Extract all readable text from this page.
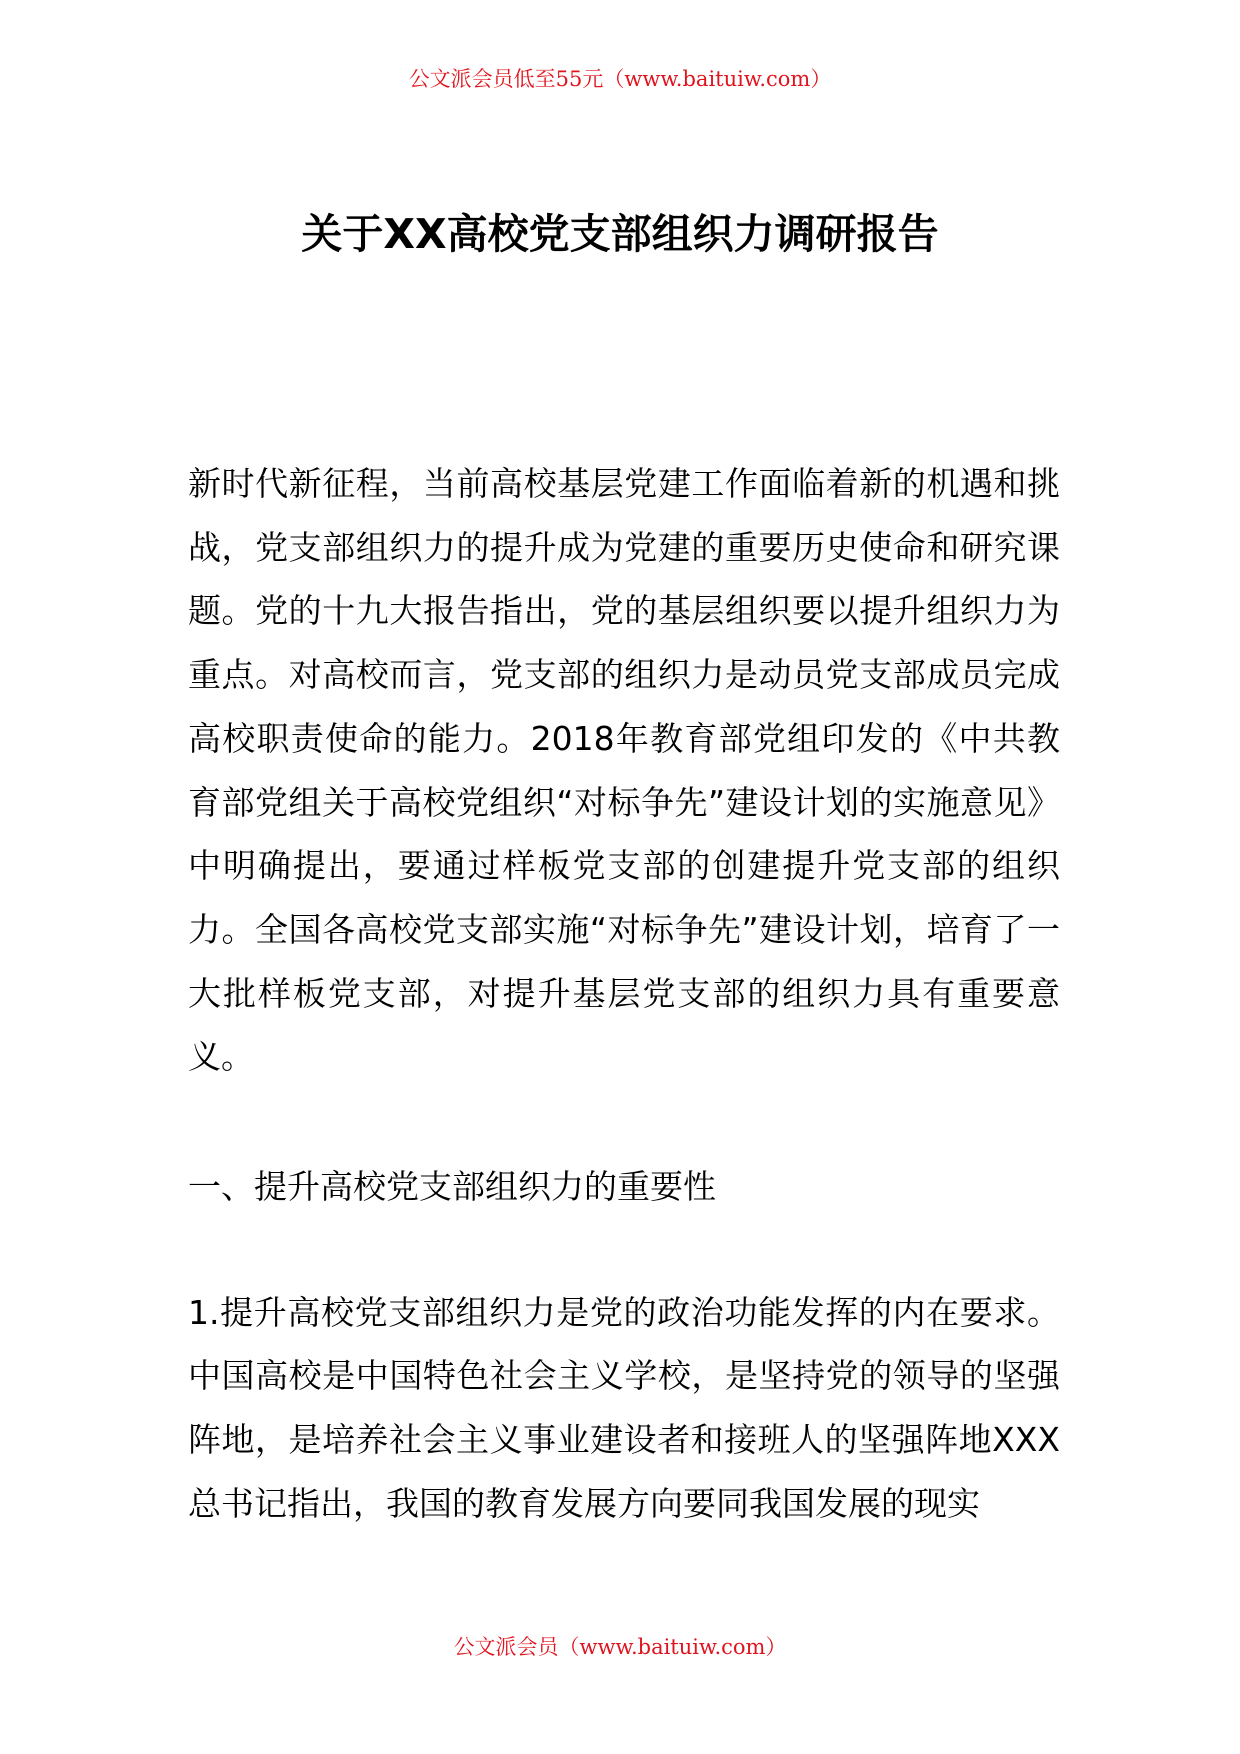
公文派会员低至55元（www.baituiw.com）
关于XX高校党支部组织力调研报告

新时代新征程，当前高校基层党建工作面临着新的机遇和挑战，党支部组织力的提升成为党建的重要历史使命和研究课题。党的十九大报告指出，党的基层组织要以提升组织力为重点。对高校而言，党支部的组织力是动员党支部成员完成高校职责使命的能力。2018年教育部党组印发的《中共教育部党组关于高校党组织“对标争先”建设计划的实施意见》中明确提出，要通过样板党支部的创建提升党支部的组织力。全国各高校党支部实施“对标争先”建设计划，培育了一大批样板党支部，对提升基层党支部的组织力具有重要意义。

一、提升高校党支部组织力的重要性

1.提升高校党支部组织力是党的政治功能发挥的内在要求。中国高校是中国特色社会主义学校，是坚持党的领导的坚强阵地，是培养社会主义事业建设者和接班人的坚强阵地XXX总书记指出，我国的教育发展方向要同我国发展的现实

公文派会员（www.baituiw.com）
